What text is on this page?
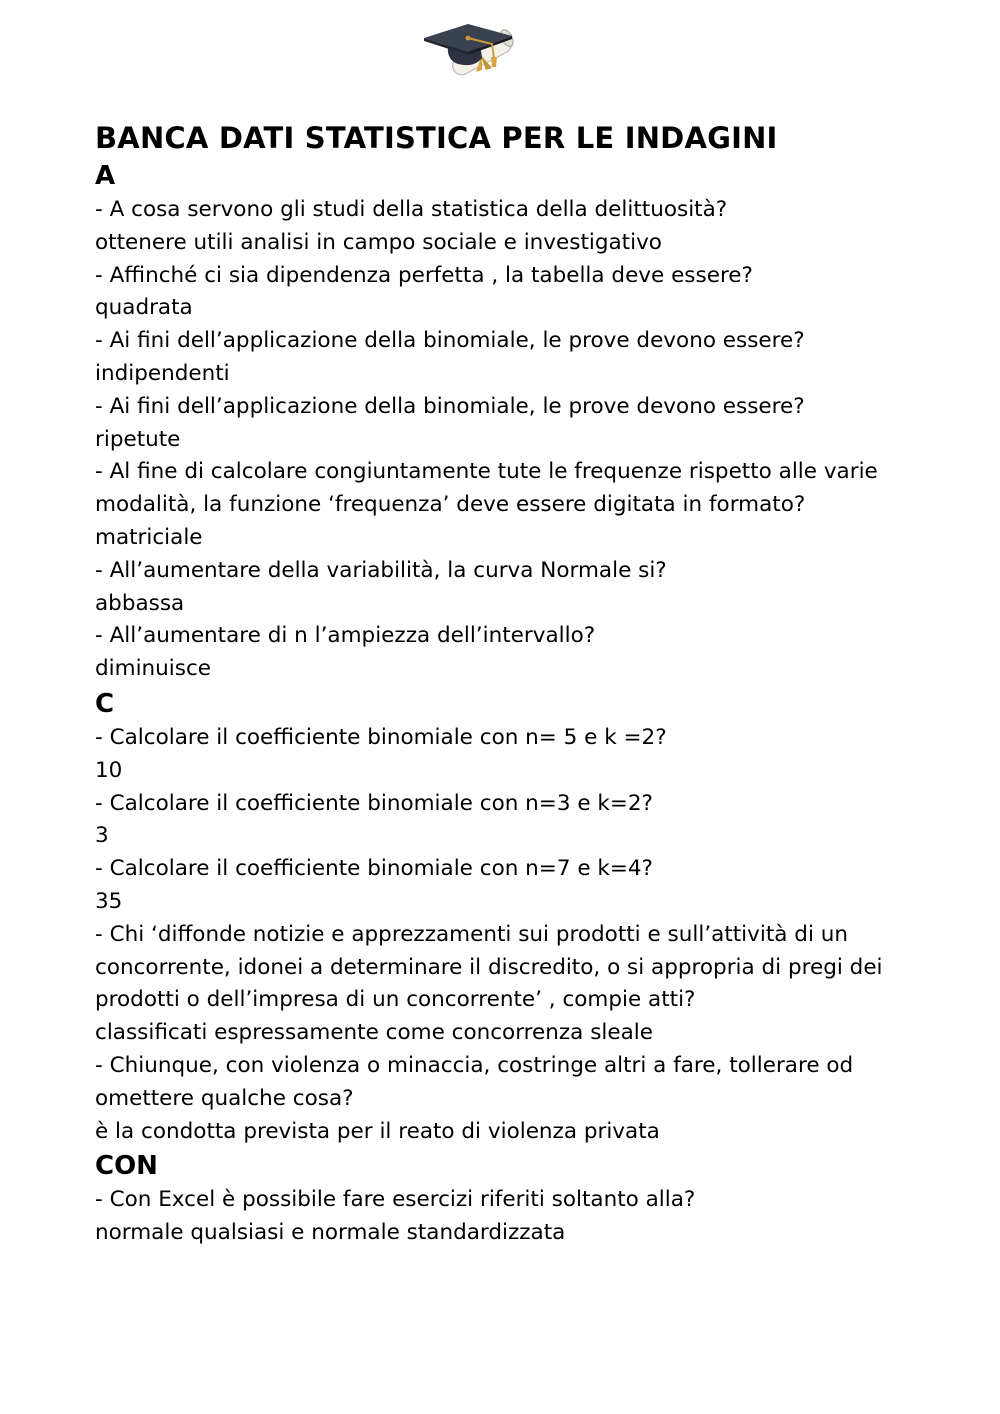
BANCA DATI STATISTICA PER LE INDAGINI
A

- A cosa servono gli studi della statistica della delittuosità?

ottenere utili analisi in campo sociale e investigativo

- Affinché ci sia dipendenza perfetta , la tabella deve essere?

quadrata

- Ai fini dell’applicazione della binomiale, le prove devono essere?

indipendenti

- Ai fini dell’applicazione della binomiale, le prove devono essere?

ripetute

- Al fine di calcolare congiuntamente tute le frequenze rispetto alle varie modalità, la funzione ‘frequenza’ deve essere digitata in formato?

matriciale

- All’aumentare della variabilità, la curva Normale si?

abbassa

- All’aumentare di n l’ampiezza dell’intervallo?

diminuisce

C

- Calcolare il coefficiente binomiale con n= 5 e k =2?

10

- Calcolare il coefficiente binomiale con n=3 e k=2?

3

- Calcolare il coefficiente binomiale con n=7 e k=4?

35

- Chi ‘diffonde notizie e apprezzamenti sui prodotti e sull’attività di un concorrente, idonei a determinare il discredito, o si appropria di pregi dei prodotti o dell’impresa di un concorrente’ , compie atti?

classificati espressamente come concorrenza sleale

- Chiunque, con violenza o minaccia, costringe altri a fare, tollerare od omettere qualche cosa?

è la condotta prevista per il reato di violenza privata

CON

- Con Excel è possibile fare esercizi riferiti soltanto alla?

normale qualsiasi e normale standardizzata
